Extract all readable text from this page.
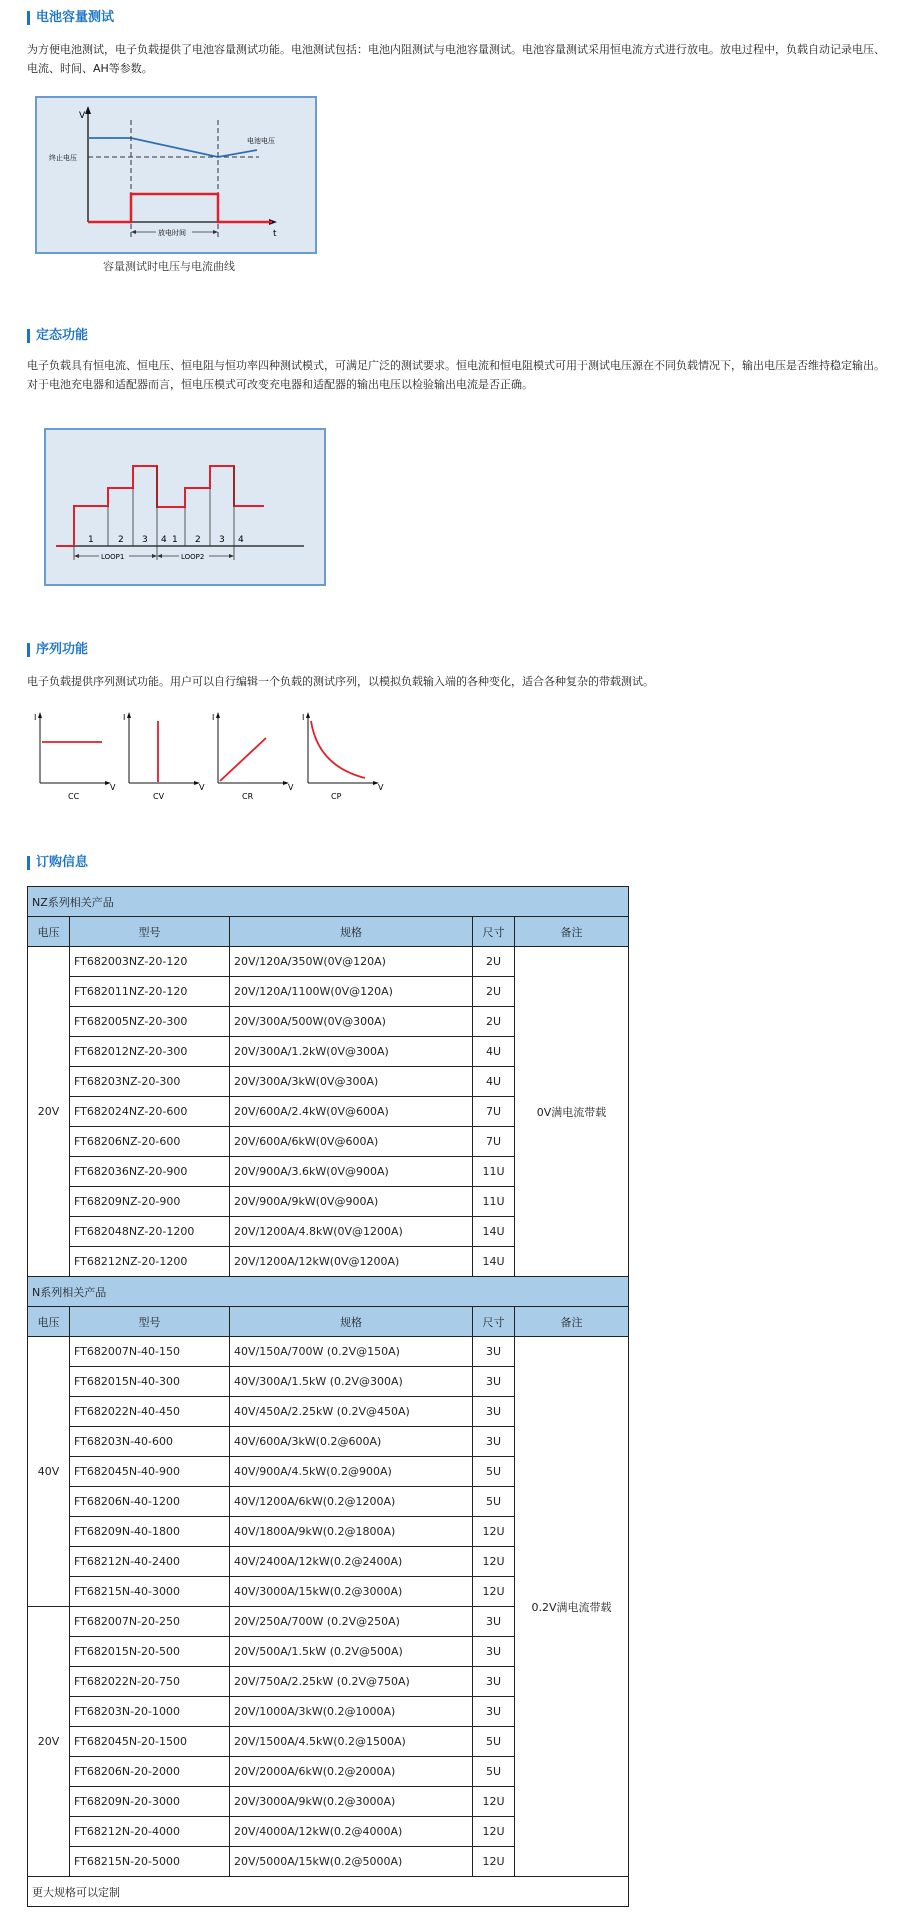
电池容量测试
为方便电池测试，电子负载提供了电池容量测试功能。电池测试包括：电池内阻测试与电池容量测试。电池容量测试采用恒电流方式进行放电。放电过程中，负载自动记录电压、电流、时间、AH等参数。
V
t
终止电压
电池电压
放电时间
容量测试时电压与电流曲线
定态功能
电子负载具有恒电流、恒电压、恒电阻与恒功率四种测试模式，可满足广泛的测试要求。恒电流和恒电阻模式可用于测试电压源在不同负载情况下，输出电压是否维持稳定输出。对于电池充电器和适配器而言，恒电压模式可改变充电器和适配器的输出电压以检验输出电流是否正确。
1	2 3 4 1 2 3 4
LOOP1	LOOP2
序列功能
电子负载提供序列测试功能。用户可以自行编辑一个负载的测试序列，以模拟负载输入端的各种变化，适合各种复杂的带载测试。
I
V
CC
I
V
CV
I
V
CR
I
V
CP
订购信息
NZ系列相关产品				
电压	型号	规格	尺寸	备注
20V	FT682003NZ-20-120	20V/120A/350W(0V@120A)	2U	0V满电流带载
	FT682011NZ-20-120	20V/120A/1100W(0V@120A)	2U	
	FT682005NZ-20-300	20V/300A/500W(0V@300A)	2U	
	FT682012NZ-20-300	20V/300A/1.2kW(0V@300A)	4U	
	FT68203NZ-20-300	20V/300A/3kW(0V@300A)	4U	
	FT682024NZ-20-600	20V/600A/2.4kW(0V@600A)	7U	
	FT68206NZ-20-600	20V/600A/6kW(0V@600A)	7U	
	FT682036NZ-20-900	20V/900A/3.6kW(0V@900A)	11U	
	FT68209NZ-20-900	20V/900A/9kW(0V@900A)	11U	
	FT682048NZ-20-1200	20V/1200A/4.8kW(0V@1200A)	14U	
	FT68212NZ-20-1200	20V/1200A/12kW(0V@1200A)	14U	
N系列相关产品				
电压	型号	规格	尺寸	备注
40V	FT682007N-40-150	40V/150A/700W (0.2V@150A)	3U	0.2V满电流带载
	FT682015N-40-300	40V/300A/1.5kW (0.2V@300A)	3U	
	FT682022N-40-450	40V/450A/2.25kW (0.2V@450A)	3U	
	FT68203N-40-600	40V/600A/3kW(0.2@600A)	3U	
	FT682045N-40-900	40V/900A/4.5kW(0.2@900A)	5U	
	FT68206N-40-1200	40V/1200A/6kW(0.2@1200A)	5U	
	FT68209N-40-1800	40V/1800A/9kW(0.2@1800A)	12U	
	FT68212N-40-2400	40V/2400A/12kW(0.2@2400A)	12U	
	FT68215N-40-3000	40V/3000A/15kW(0.2@3000A)	12U	
20V	FT682007N-20-250	20V/250A/700W (0.2V@250A)	3U	
	FT682015N-20-500	20V/500A/1.5kW (0.2V@500A)	3U	
	FT682022N-20-750	20V/750A/2.25kW (0.2V@750A)	3U	
	FT68203N-20-1000	20V/1000A/3kW(0.2@1000A)	3U	
	FT682045N-20-1500	20V/1500A/4.5kW(0.2@1500A)	5U	
	FT68206N-20-2000	20V/2000A/6kW(0.2@2000A)	5U	
	FT68209N-20-3000	20V/3000A/9kW(0.2@3000A)	12U	
	FT68212N-20-4000	20V/4000A/12kW(0.2@4000A)	12U	
	FT68215N-20-5000	20V/5000A/15kW(0.2@5000A)	12U	
更大规格可以定制				
